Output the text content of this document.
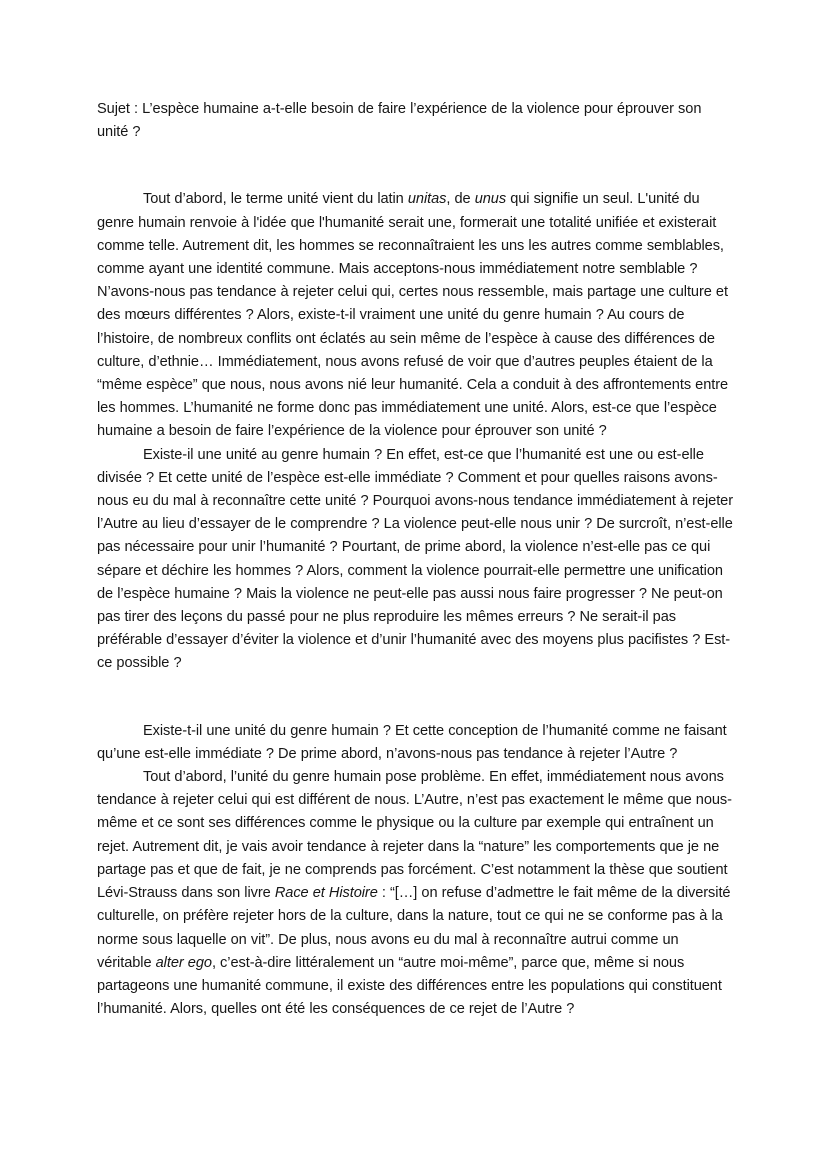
Sujet : L’espèce humaine a-t-elle besoin de faire l’expérience de la violence pour éprouver son unité ?

Tout d’abord, le terme unité vient du latin unitas, de unus qui signifie un seul. L'unité du genre humain renvoie à l'idée que l'humanité serait une, formerait une totalité unifiée et existerait comme telle. Autrement dit, les hommes se reconnaîtraient les uns les autres comme semblables, comme ayant une identité commune. Mais acceptons-nous immédiatement notre semblable ? N’avons-nous pas tendance à rejeter celui qui, certes nous ressemble, mais partage une culture et des mœurs différentes ? Alors, existe-t-il vraiment une unité du genre humain ? Au cours de l’histoire, de nombreux conflits ont éclatés au sein même de l’espèce à cause des différences de culture, d’ethnie… Immédiatement, nous avons refusé de voir que d’autres peuples étaient de la “même espèce” que nous, nous avons nié leur humanité. Cela a conduit à des affrontements entre les hommes. L’humanité ne forme donc pas immédiatement une unité. Alors, est-ce que l’espèce humaine a besoin de faire l’expérience de la violence pour éprouver son unité ?

Existe-il une unité au genre humain ? En effet, est-ce que l’humanité est une ou est-elle divisée ? Et cette unité de l’espèce est-elle immédiate ? Comment et pour quelles raisons avons-nous eu du mal à reconnaître cette unité ? Pourquoi avons-nous tendance immédiatement à rejeter l’Autre au lieu d’essayer de le comprendre ? La violence peut-elle nous unir ? De surcroît, n’est-elle pas nécessaire pour unir l’humanité ? Pourtant, de prime abord, la violence n’est-elle pas ce qui sépare et déchire les hommes ? Alors, comment la violence pourrait-elle permettre une unification de l’espèce humaine ? Mais la violence ne peut-elle pas aussi nous faire progresser ? Ne peut-on pas tirer des leçons du passé pour ne plus reproduire les mêmes erreurs ? Ne serait-il pas préférable d’essayer d’éviter la violence et d’unir l’humanité avec des moyens plus pacifistes ? Est-ce possible ?

Existe-t-il une unité du genre humain ? Et cette conception de l’humanité comme ne faisant qu’une est-elle immédiate ? De prime abord, n’avons-nous pas tendance à rejeter l’Autre ?

Tout d’abord, l’unité du genre humain pose problème. En effet, immédiatement nous avons tendance à rejeter celui qui est différent de nous. L’Autre, n’est pas exactement le même que nous-même et ce sont ses différences comme le physique ou la culture par exemple qui entraînent un rejet. Autrement dit, je vais avoir tendance à rejeter dans la “nature” les comportements que je ne partage pas et que de fait, je ne comprends pas forcément. C’est notamment la thèse que soutient Lévi-Strauss dans son livre Race et Histoire : “[…] on refuse d’admettre le fait même de la diversité culturelle, on préfère rejeter hors de la culture, dans la nature, tout ce qui ne se conforme pas à la norme sous laquelle on vit”. De plus, nous avons eu du mal à reconnaître autrui comme un véritable alter ego, c’est-à-dire littéralement un “autre moi-même”, parce que, même si nous partageons une humanité commune, il existe des différences entre les populations qui constituent l’humanité. Alors, quelles ont été les conséquences de ce rejet de l’Autre ?
